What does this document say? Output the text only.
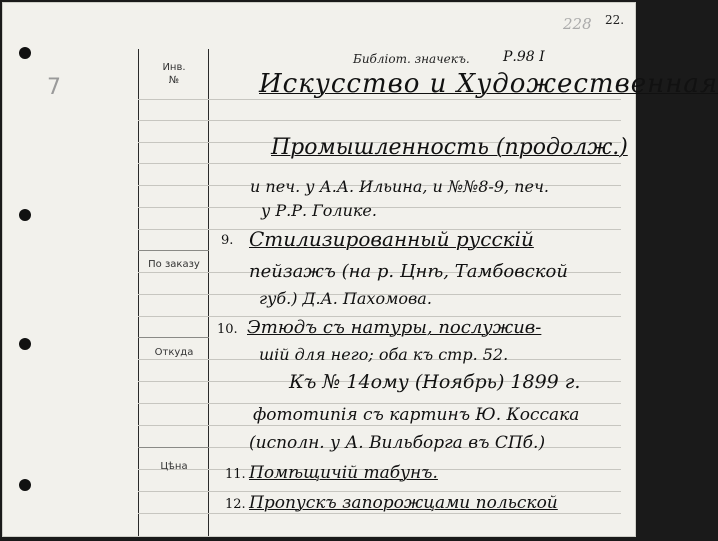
7
228 22.
Инв.
№
По заказу
Откуда
Цѣна
Библіот. значекъ. Р.98 I
Искусство и Художественная
Промышленность (продолж.)
9.
10.
11.
12.
и печ. у А.А. Ильина, и №№8-9, печ.
у Р.Р. Голике.
Стилизированный русскій
пейзажъ (на р. Цнѣ, Тамбовской
губ.) Д.А. Пахомова.
Этюдъ съ натуры, послужив-
шій для него; оба къ стр. 52.
Къ № 14ому (Ноябрь) 1899 г.
фототипія съ картинъ Ю. Коссака
(исполн. у А. Вильборга въ СПб.)
Помѣщичій табунъ.
Пропускъ запорожцами польской
